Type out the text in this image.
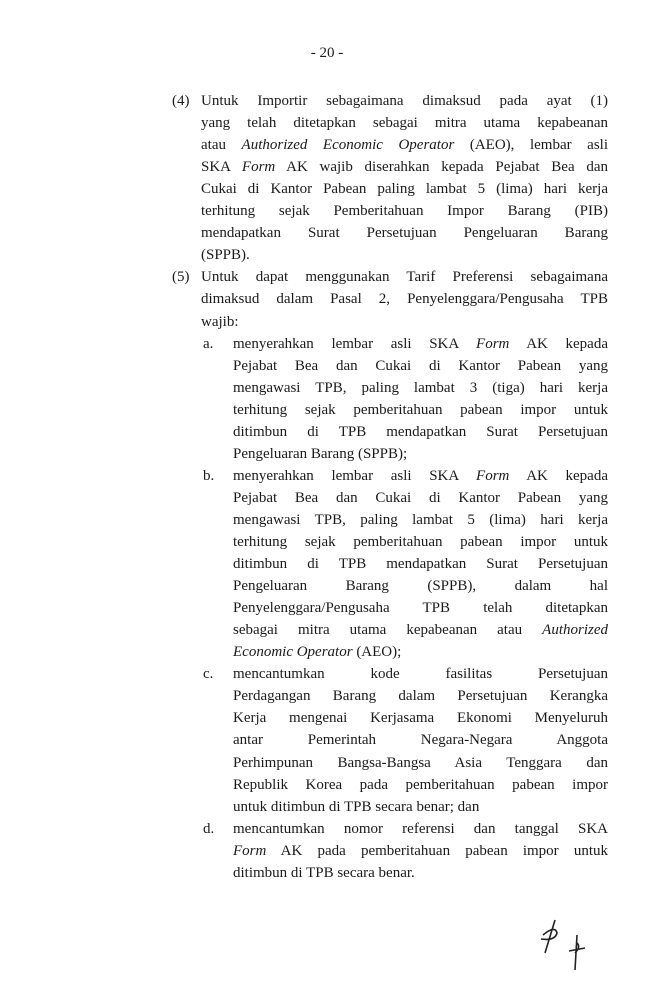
- 20 -
(4) Untuk Importir sebagaimana dimaksud pada ayat (1)
yang telah ditetapkan sebagai mitra utama kepabeanan
atau Authorized Economic Operator (AEO), lembar asli
SKA Form AK wajib diserahkan kepada Pejabat Bea dan
Cukai di Kantor Pabean paling lambat 5 (lima) hari kerja
terhitung sejak Pemberitahuan Impor Barang (PIB)
mendapatkan Surat Persetujuan Pengeluaran Barang
(SPPB).
(5) Untuk dapat menggunakan Tarif Preferensi sebagaimana
dimaksud dalam Pasal 2, Penyelenggara/Pengusaha TPB
wajib:
a. menyerahkan lembar asli SKA Form AK kepada
Pejabat Bea dan Cukai di Kantor Pabean yang
mengawasi TPB, paling lambat 3 (tiga) hari kerja
terhitung sejak pemberitahuan pabean impor untuk
ditimbun di TPB mendapatkan Surat Persetujuan
Pengeluaran Barang (SPPB);
b. menyerahkan lembar asli SKA Form AK kepada
Pejabat Bea dan Cukai di Kantor Pabean yang
mengawasi TPB, paling lambat 5 (lima) hari kerja
terhitung sejak pemberitahuan pabean impor untuk
ditimbun di TPB mendapatkan Surat Persetujuan
Pengeluaran Barang (SPPB), dalam hal
Penyelenggara/Pengusaha TPB telah ditetapkan
sebagai mitra utama kepabeanan atau Authorized
Economic Operator (AEO);
c. mencantumkan kode fasilitas Persetujuan
Perdagangan Barang dalam Persetujuan Kerangka
Kerja mengenai Kerjasama Ekonomi Menyeluruh
antar Pemerintah Negara-Negara Anggota
Perhimpunan Bangsa-Bangsa Asia Tenggara dan
Republik Korea pada pemberitahuan pabean impor
untuk ditimbun di TPB secara benar; dan
d. mencantumkan nomor referensi dan tanggal SKA
Form AK pada pemberitahuan pabean impor untuk
ditimbun di TPB secara benar.
